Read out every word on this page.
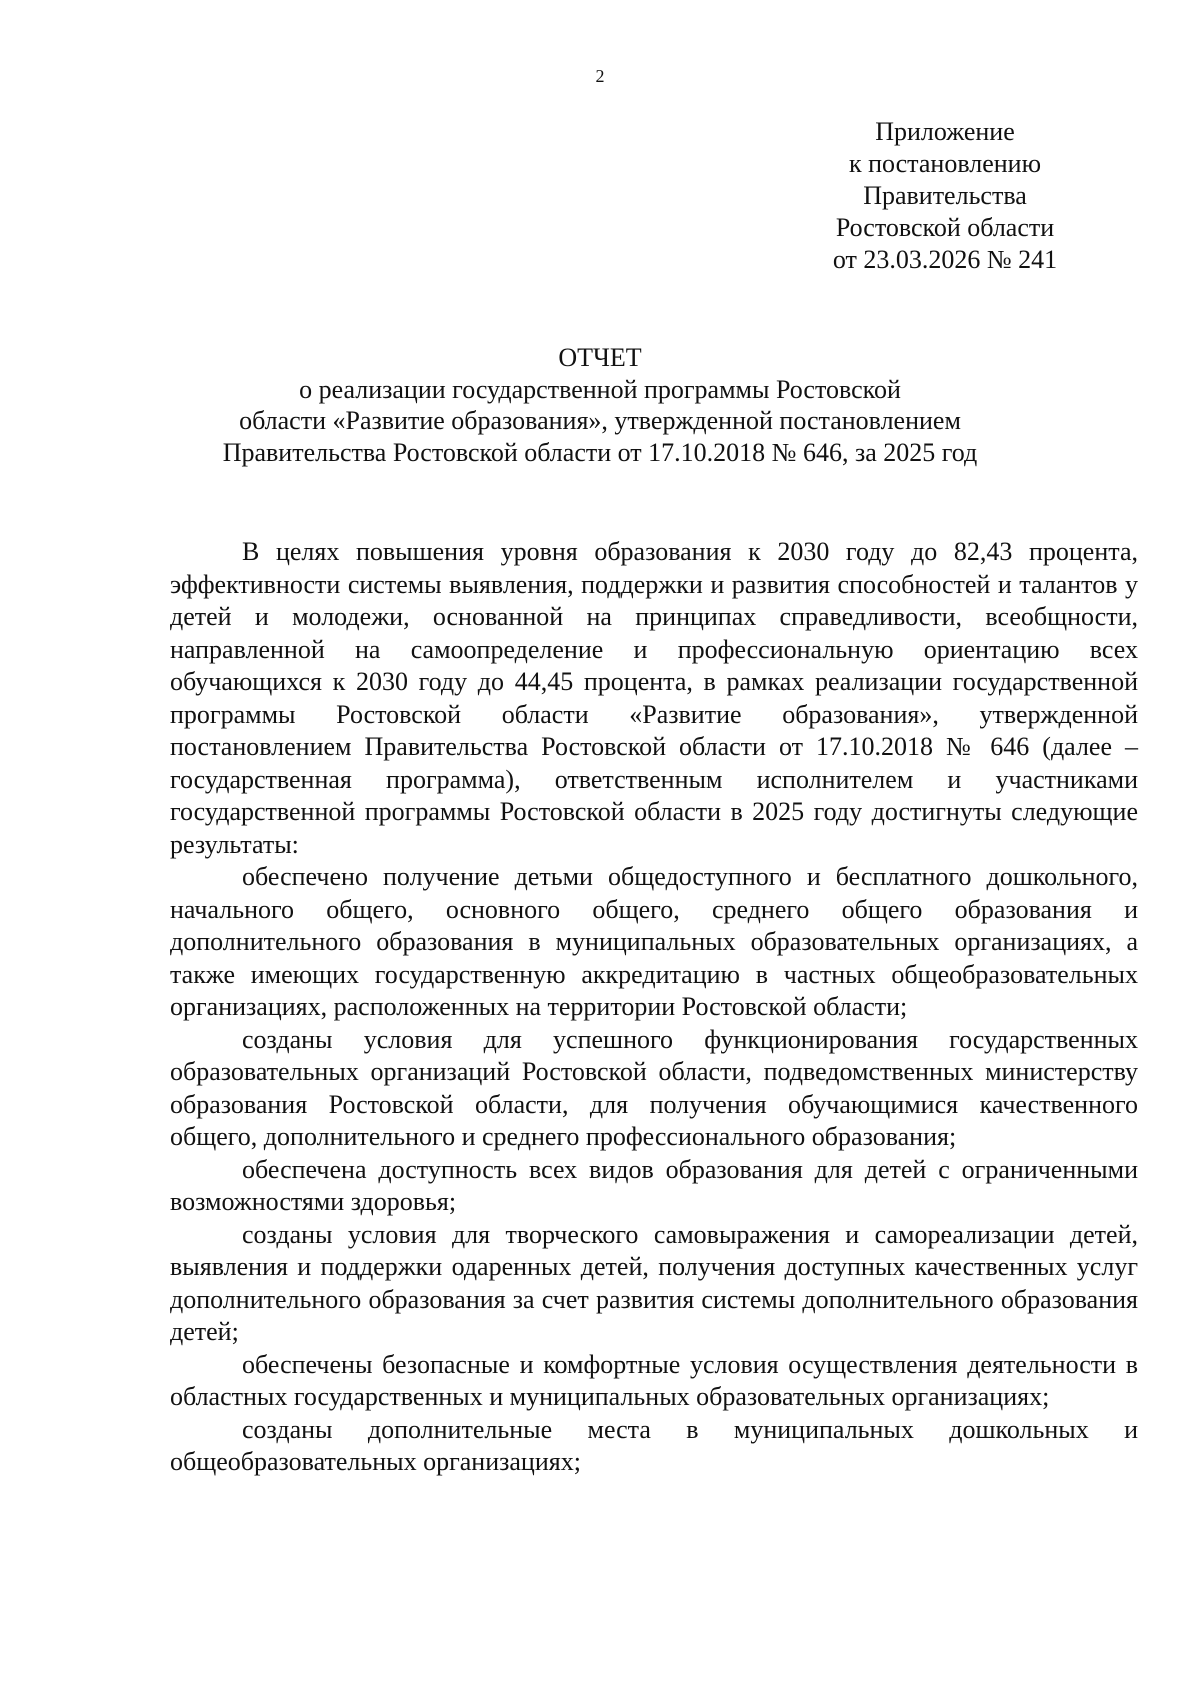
2
Приложение
к постановлению
Правительства
Ростовской области
от 23.03.2026 № 241
ОТЧЕТ
о реализации государственной программы Ростовской
области «Развитие образования», утвержденной постановлением
Правительства Ростовской области от 17.10.2018 № 646, за 2025 год

В целях повышения уровня образования к 2030 году до 82,43 процента, эффективности системы выявления, поддержки и развития способностей и талантов у детей и молодежи, основанной на принципах справедливости, всеобщности, направленной на самоопределение и профессиональную ориентацию всех обучающихся к 2030 году до 44,45 процента, в рамках реализации государственной программы Ростовской области «Развитие образования», утвержденной постановлением Правительства Ростовской области от 17.10.2018 № 646 (далее – государственная программа), ответственным исполнителем и участниками государственной программы Ростовской области в 2025 году достигнуты следующие результаты:

обеспечено получение детьми общедоступного и бесплатного дошкольного, начального общего, основного общего, среднего общего образования и дополнительного образования в муниципальных образовательных организациях, а также имеющих государственную аккредитацию в частных общеобразовательных организациях, расположенных на территории Ростовской области;

созданы условия для успешного функционирования государственных образовательных организаций Ростовской области, подведомственных министерству образования Ростовской области, для получения обучающимися качественного общего, дополнительного и среднего профессионального образования;

обеспечена доступность всех видов образования для детей с ограниченными возможностями здоровья;

созданы условия для творческого самовыражения и самореализации детей, выявления и поддержки одаренных детей, получения доступных качественных услуг дополнительного образования за счет развития системы дополнительного образования детей;

обеспечены безопасные и комфортные условия осуществления деятельности в областных государственных и муниципальных образовательных организациях;

созданы дополнительные места в муниципальных дошкольных и общеобразовательных организациях;
